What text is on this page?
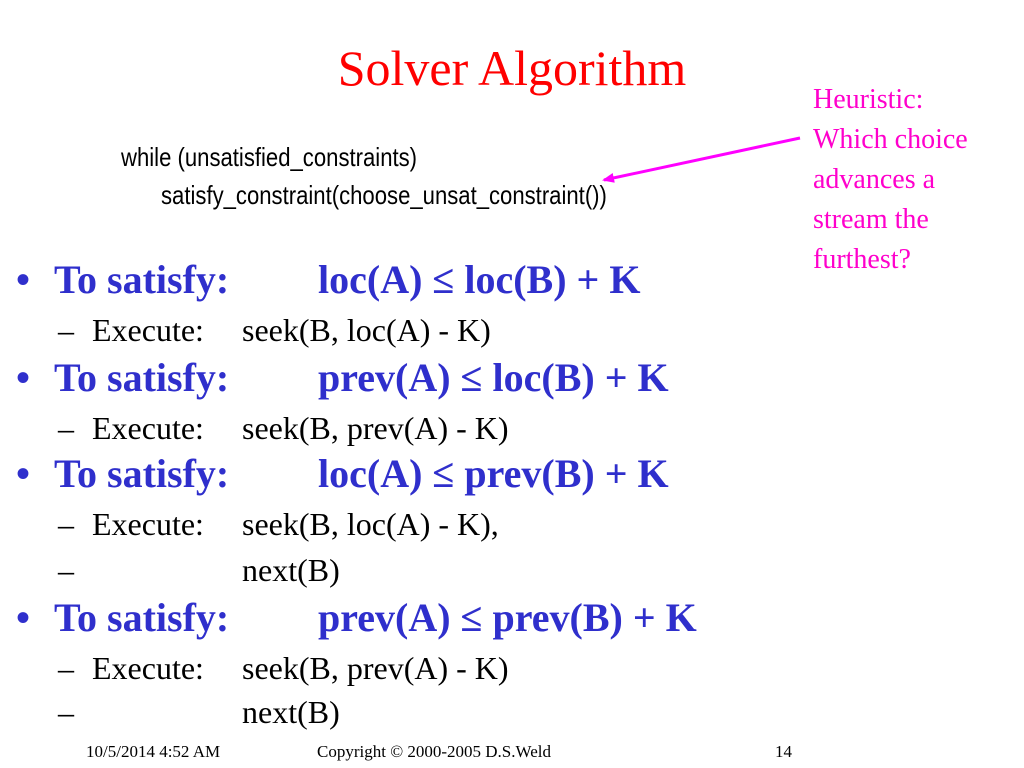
Solver Algorithm
Heuristic:
Which choice
advances a
stream the
furthest?
while (unsatisfied_constraints)
satisfy_constraint(choose_unsat_constraint())
• To satisfy: loc(A) ≤ loc(B) + K
– Execute: seek(B, loc(A) - K)
• To satisfy: prev(A) ≤ loc(B) + K
– Execute: seek(B, prev(A) - K)
• To satisfy: loc(A) ≤ prev(B) + K
– Execute: seek(B, loc(A) - K),
–	next(B)
• To satisfy: prev(A) ≤ prev(B) + K
– Execute: seek(B, prev(A) - K)
–	next(B)
10/5/2014 4:52 AM	Copyright © 2000-2005 D.S.Weld	14
